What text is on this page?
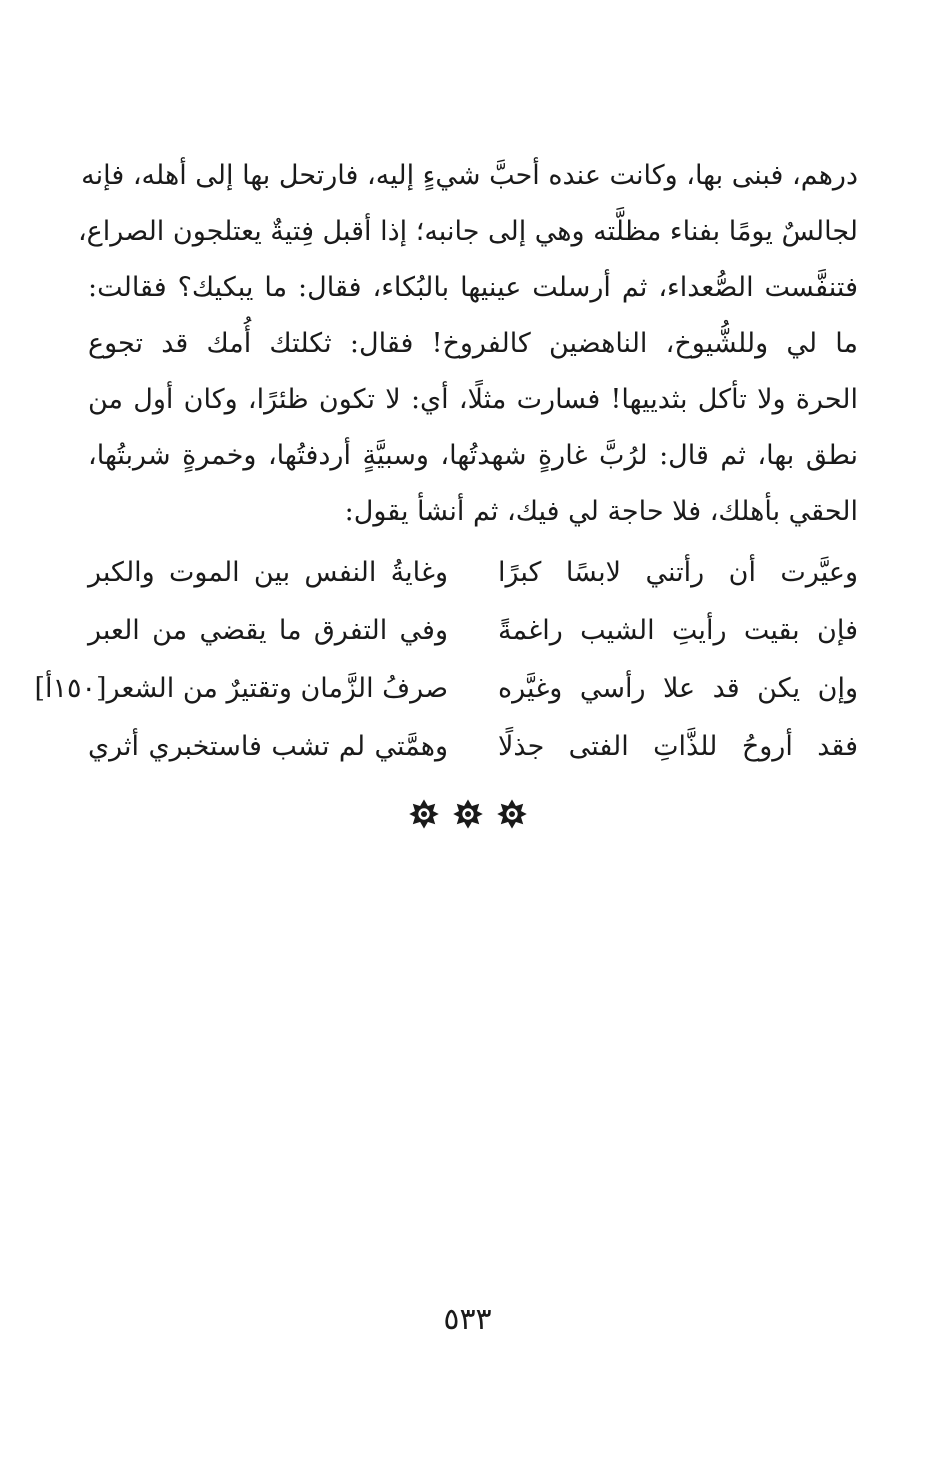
درهم، فبنى بها، وكانت عنده أحبَّ شيءٍ إليه، فارتحل بها إلى أهله، فإنه
لجالسٌ يومًا بفناء مظلَّته وهي إلى جانبه؛ إذا أقبل فِتيةٌ يعتلجون الصراع،
فتنفَّست الصُّعداء، ثم أرسلت عينيها بالبُكاء، فقال: ما يبكيك؟ فقالت:
ما لي وللشُّيوخ، الناهضين كالفروخ! فقال: ثكلتك أُمك قد تجوع
الحرة ولا تأكل بثدييها! فسارت مثلًا، أي: لا تكون ظئرًا، وكان أول من
نطق بها، ثم قال: لرُبَّ غارةٍ شهدتُها، وسبيَّةٍ أردفتُها، وخمرةٍ شربتُها،
الحقي بأهلك، فلا حاجة لي فيك، ثم أنشأ يقول:
وعيَّرت أن رأتني لابسًا كبرًا
وغايةُ النفس بين الموت والكبر
فإن بقيت رأيتِ الشيب راغمةً
وفي التفرق ما يقضي من العبر
وإن يكن قد علا رأسي وغيَّره
صرفُ الزَّمان وتقتيرٌ من الشعر[١٥٠أ]
فقد أروحُ للذَّاتِ الفتى جذلًا
وهمَّتي لم تشب فاستخبري أثري
٥٣٣
